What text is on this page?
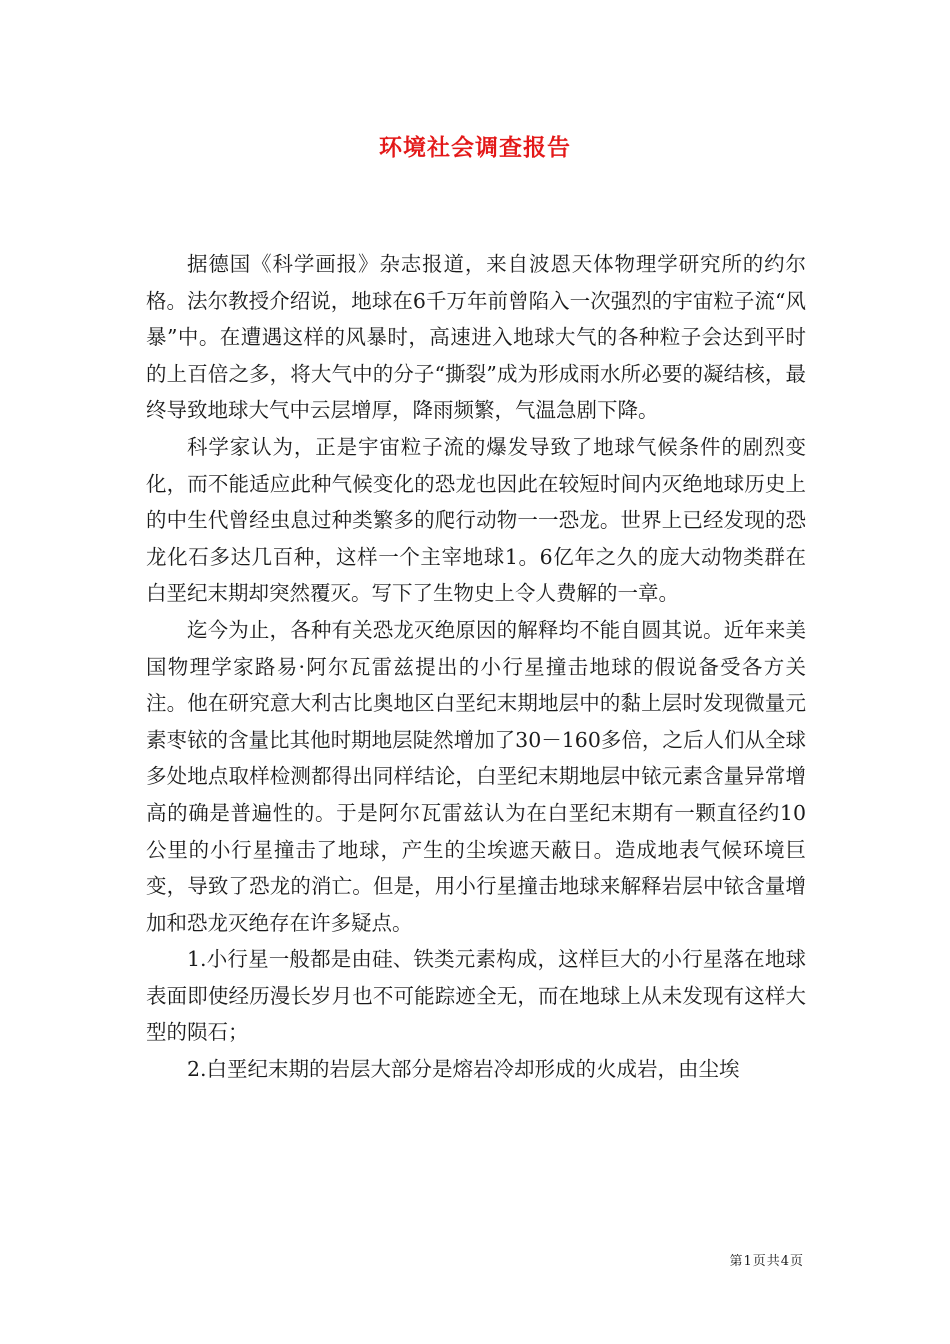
环境社会调查报告

据德国《科学画报》杂志报道，来自波恩天体物理学研究所的约尔格。法尔教授介绍说，地球在6千万年前曾陷入一次强烈的宇宙粒子流“风暴”中。在遭遇这样的风暴时，高速进入地球大气的各种粒子会达到平时的上百倍之多，将大气中的分子“撕裂”成为形成雨水所必要的凝结核，最终导致地球大气中云层增厚，降雨频繁，气温急剧下降。

科学家认为，正是宇宙粒子流的爆发导致了地球气候条件的剧烈变化，而不能适应此种气候变化的恐龙也因此在较短时间内灭绝地球历史上的中生代曾经虫息过种类繁多的爬行动物一一恐龙。世界上已经发现的恐龙化石多达几百种，这样一个主宰地球1。6亿年之久的庞大动物类群在白垩纪末期却突然覆灭。写下了生物史上令人费解的一章。

迄今为止，各种有关恐龙灭绝原因的解释均不能自圆其说。近年来美国物理学家路易·阿尔瓦雷兹提出的小行星撞击地球的假说备受各方关注。他在研究意大利古比奥地区白垩纪末期地层中的黏上层时发现微量元素枣铱的含量比其他时期地层陡然增加了30－160多倍，之后人们从全球多处地点取样检测都得出同样结论，白垩纪末期地层中铱元素含量异常增高的确是普遍性的。于是阿尔瓦雷兹认为在白垩纪末期有一颗直径约10公里的小行星撞击了地球，产生的尘埃遮天蔽日。造成地表气候环境巨变，导致了恐龙的消亡。但是，用小行星撞击地球来解释岩层中铱含量增加和恐龙灭绝存在许多疑点。

1.小行星一般都是由硅、铁类元素构成，这样巨大的小行星落在地球表面即使经历漫长岁月也不可能踪迹全无，而在地球上从未发现有这样大型的陨石；

2.白垩纪末期的岩层大部分是熔岩冷却形成的火成岩，由尘埃

第1页共4页
